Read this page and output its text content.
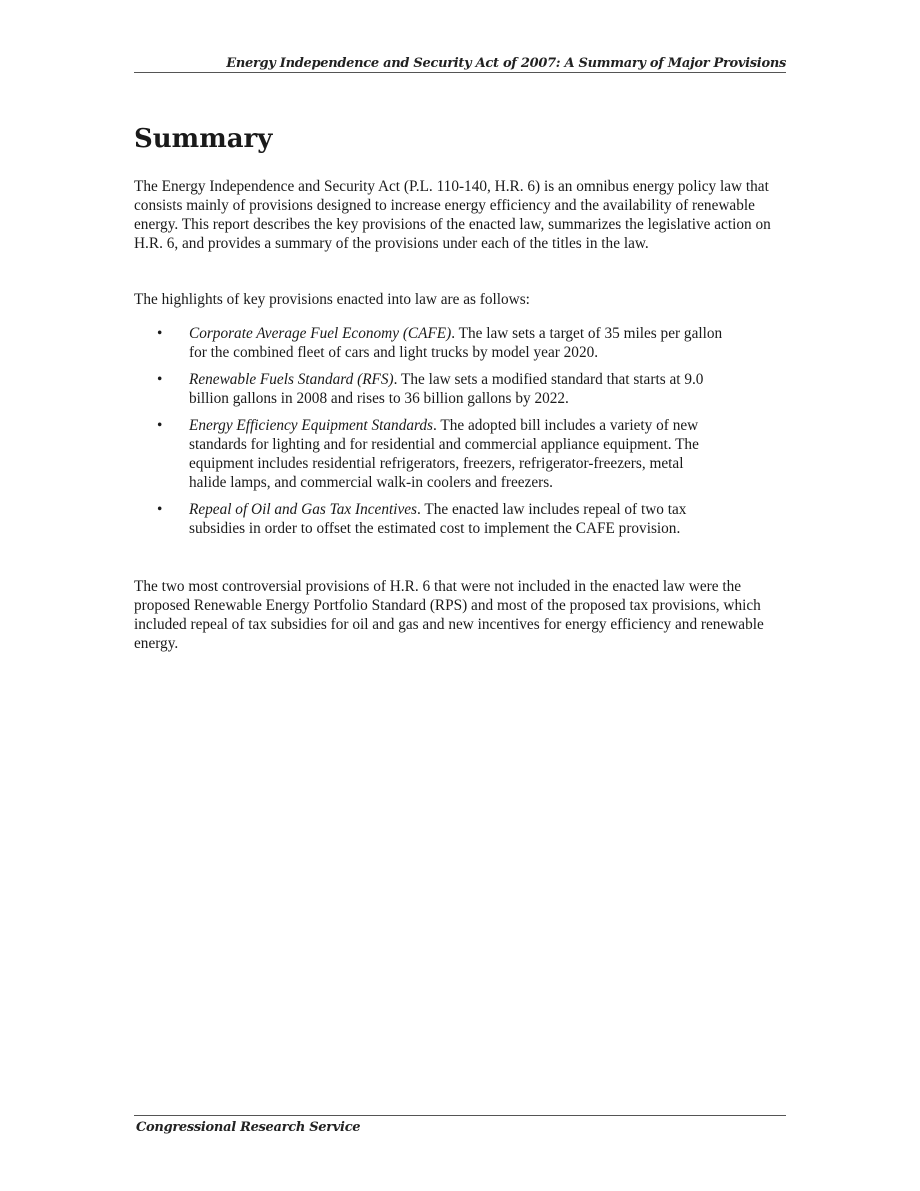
Energy Independence and Security Act of 2007: A Summary of Major Provisions
Summary

The Energy Independence and Security Act (P.L. 110-140, H.R. 6) is an omnibus energy policy law that consists mainly of provisions designed to increase energy efficiency and the availability of renewable energy. This report describes the key provisions of the enacted law, summarizes the legislative action on H.R. 6, and provides a summary of the provisions under each of the titles in the law.

The highlights of key provisions enacted into law are as follows:

• Corporate Average Fuel Economy (CAFE). The law sets a target of 35 miles per gallon for the combined fleet of cars and light trucks by model year 2020.
• Renewable Fuels Standard (RFS). The law sets a modified standard that starts at 9.0 billion gallons in 2008 and rises to 36 billion gallons by 2022.
• Energy Efficiency Equipment Standards. The adopted bill includes a variety of new standards for lighting and for residential and commercial appliance equipment. The equipment includes residential refrigerators, freezers, refrigerator-freezers, metal halide lamps, and commercial walk-in coolers and freezers.
• Repeal of Oil and Gas Tax Incentives. The enacted law includes repeal of two tax subsidies in order to offset the estimated cost to implement the CAFE provision.

The two most controversial provisions of H.R. 6 that were not included in the enacted law were the proposed Renewable Energy Portfolio Standard (RPS) and most of the proposed tax provisions, which included repeal of tax subsidies for oil and gas and new incentives for energy efficiency and renewable energy.

Congressional Research Service
